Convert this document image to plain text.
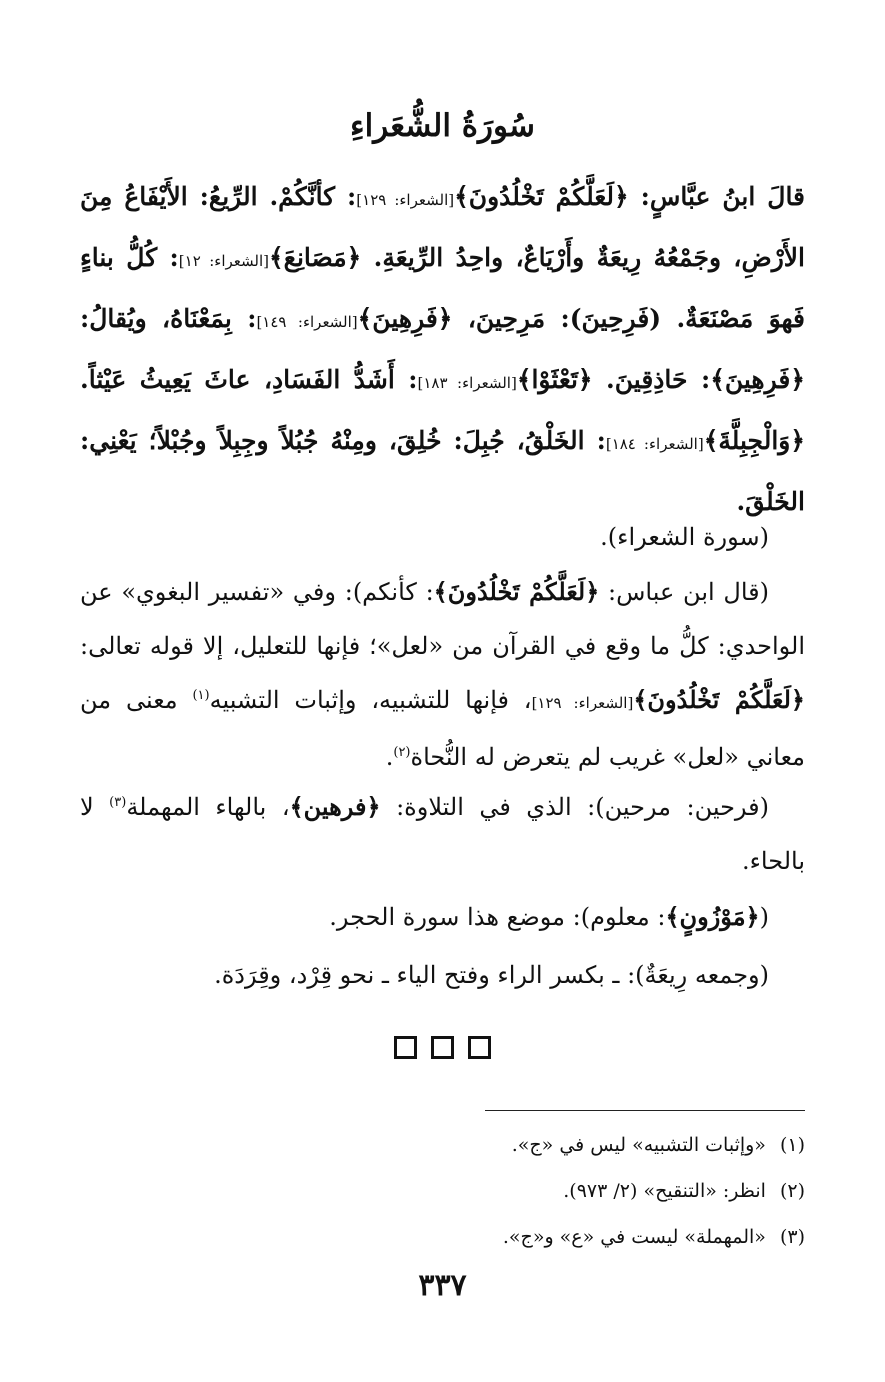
سُورَةُ الشُّعَراءِ

قالَ ابنُ عبَّاسٍ: ﴿لَعَلَّكُمْ تَخْلُدُونَ﴾[الشعراء: ١٢٩]: كأنَّكُمْ. الرِّيعُ: الأَيْفَاعُ مِنَ الأَرْضِ، وجَمْعُهُ رِيعَةٌ وأَرْيَاعٌ، واحِدُ الرِّيعَةِ. ﴿مَصَانِعَ﴾[الشعراء: ١٢]: كُلُّ بناءٍ فَهوَ مَصْنَعَةٌ. (فَرِحِينَ): مَرِحِينَ، ﴿فَرِهِينَ﴾[الشعراء: ١٤٩]: بِمَعْنَاهُ، ويُقالُ: ﴿فَرِهِينَ﴾: حَاذِقِينَ. ﴿تَعْثَوْا﴾[الشعراء: ١٨٣]: أَشَدُّ الفَسَادِ، عاثَ يَعِيثُ عَيْثاً. ﴿وَالْجِبِلَّةَ﴾[الشعراء: ١٨٤]: الخَلْقُ، جُبِلَ: خُلِقَ، ومِنْهُ جُبُلاً وجِبِلاً وجُبْلاً؛ يَعْنِي: الخَلْقَ.

(سورة الشعراء).

(قال ابن عباس: ﴿لَعَلَّكُمْ تَخْلُدُونَ﴾: كأنكم): وفي «تفسير البغوي» عن الواحدي: كلُّ ما وقع في القرآن من «لعل»؛ فإنها للتعليل، إلا قوله تعالى: ﴿لَعَلَّكُمْ تَخْلُدُونَ﴾[الشعراء: ١٢٩]، فإنها للتشبيه، وإثبات التشبيه$^{(١)}$ معنى من معاني «لعل» غريب لم يتعرض له النُّحاة$^{(٢)}$.

(فرحين: مرحين): الذي في التلاوة: ﴿فرهين﴾، بالهاء المهملة$^{(٣)}$ لا بالحاء.

(﴿مَوْزُونٍ﴾: معلوم): موضع هذا سورة الحجر.

(وجمعه رِيعَةٌ): ـ بكسر الراء وفتح الياء ـ نحو قِرْد، وقِرَدَة.

(١)«وإثبات التشبيه» ليس في «ج».
(٢)انظر: «التنقيح» (٢/ ٩٧٣).
(٣)«المهملة» ليست في «ع» و«ج».
٣٣٧
